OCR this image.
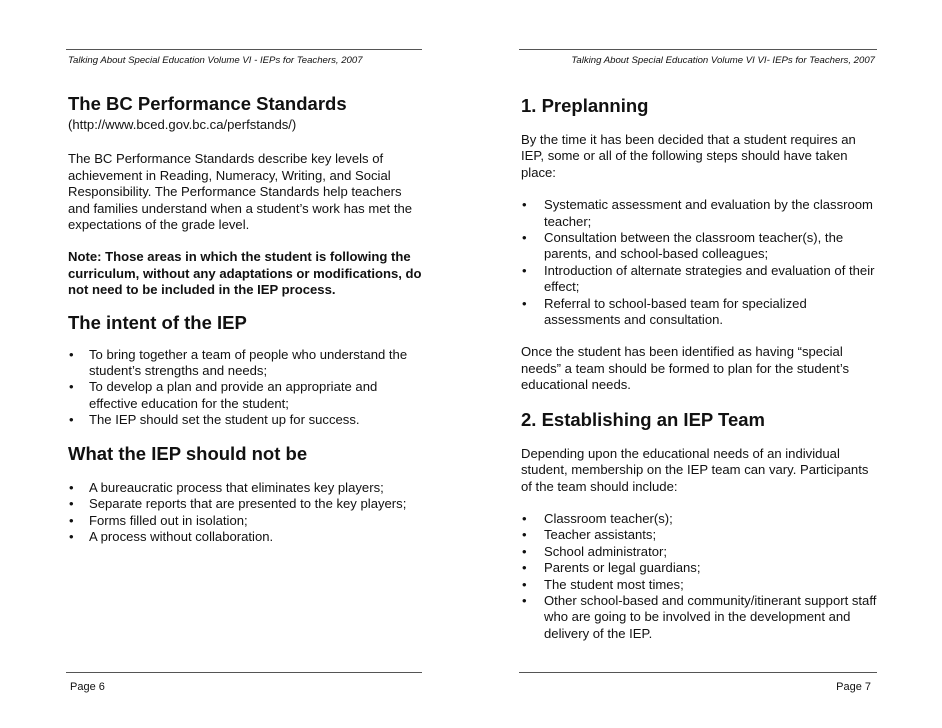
Talking About Special Education Volume VI - IEPs for Teachers, 2007
The BC Performance Standards

(http://www.bced.gov.bc.ca/perfstands/)

The BC Performance Standards describe key levels of achievement in Reading, Numeracy, Writing, and Social Responsibility. The Performance Standards help teachers and families understand when a student’s work has met the expectations of the grade level.

Note: Those areas in which the student is following the curriculum, without any adaptations or modifications, do not need to be included in the IEP process.

The intent of the IEP
• To bring together a team of people who understand the student’s strengths and needs;
• To develop a plan and provide an appropriate and effective education for the student;
• The IEP should set the student up for success.
What the IEP should not be
• A bureaucratic process that eliminates key players;
• Separate reports that are presented to the key players;
• Forms filled out in isolation;
• A process without collaboration.
Page 6
Talking About Special Education Volume VI VI- IEPs for Teachers, 2007
1. Preplanning

By the time it has been decided that a student requires an IEP, some or all of the following steps should have taken place:

• Systematic assessment and evaluation by the classroom teacher;
• Consultation between the classroom teacher(s), the parents, and school-based colleagues;
• Introduction of alternate strategies and evaluation of their effect;
• Referral to school-based team for specialized assessments and consultation.

Once the student has been identified as having “special needs” a team should be formed to plan for the student’s educational needs.

2. Establishing an IEP Team

Depending upon the educational needs of an individual student, membership on the IEP team can vary. Participants of the team should include:

• Classroom teacher(s);
• Teacher assistants;
• School administrator;
• Parents or legal guardians;
• The student most times;
• Other school-based and community/itinerant support staff who are going to be involved in the development and delivery of the IEP.
Page 7
